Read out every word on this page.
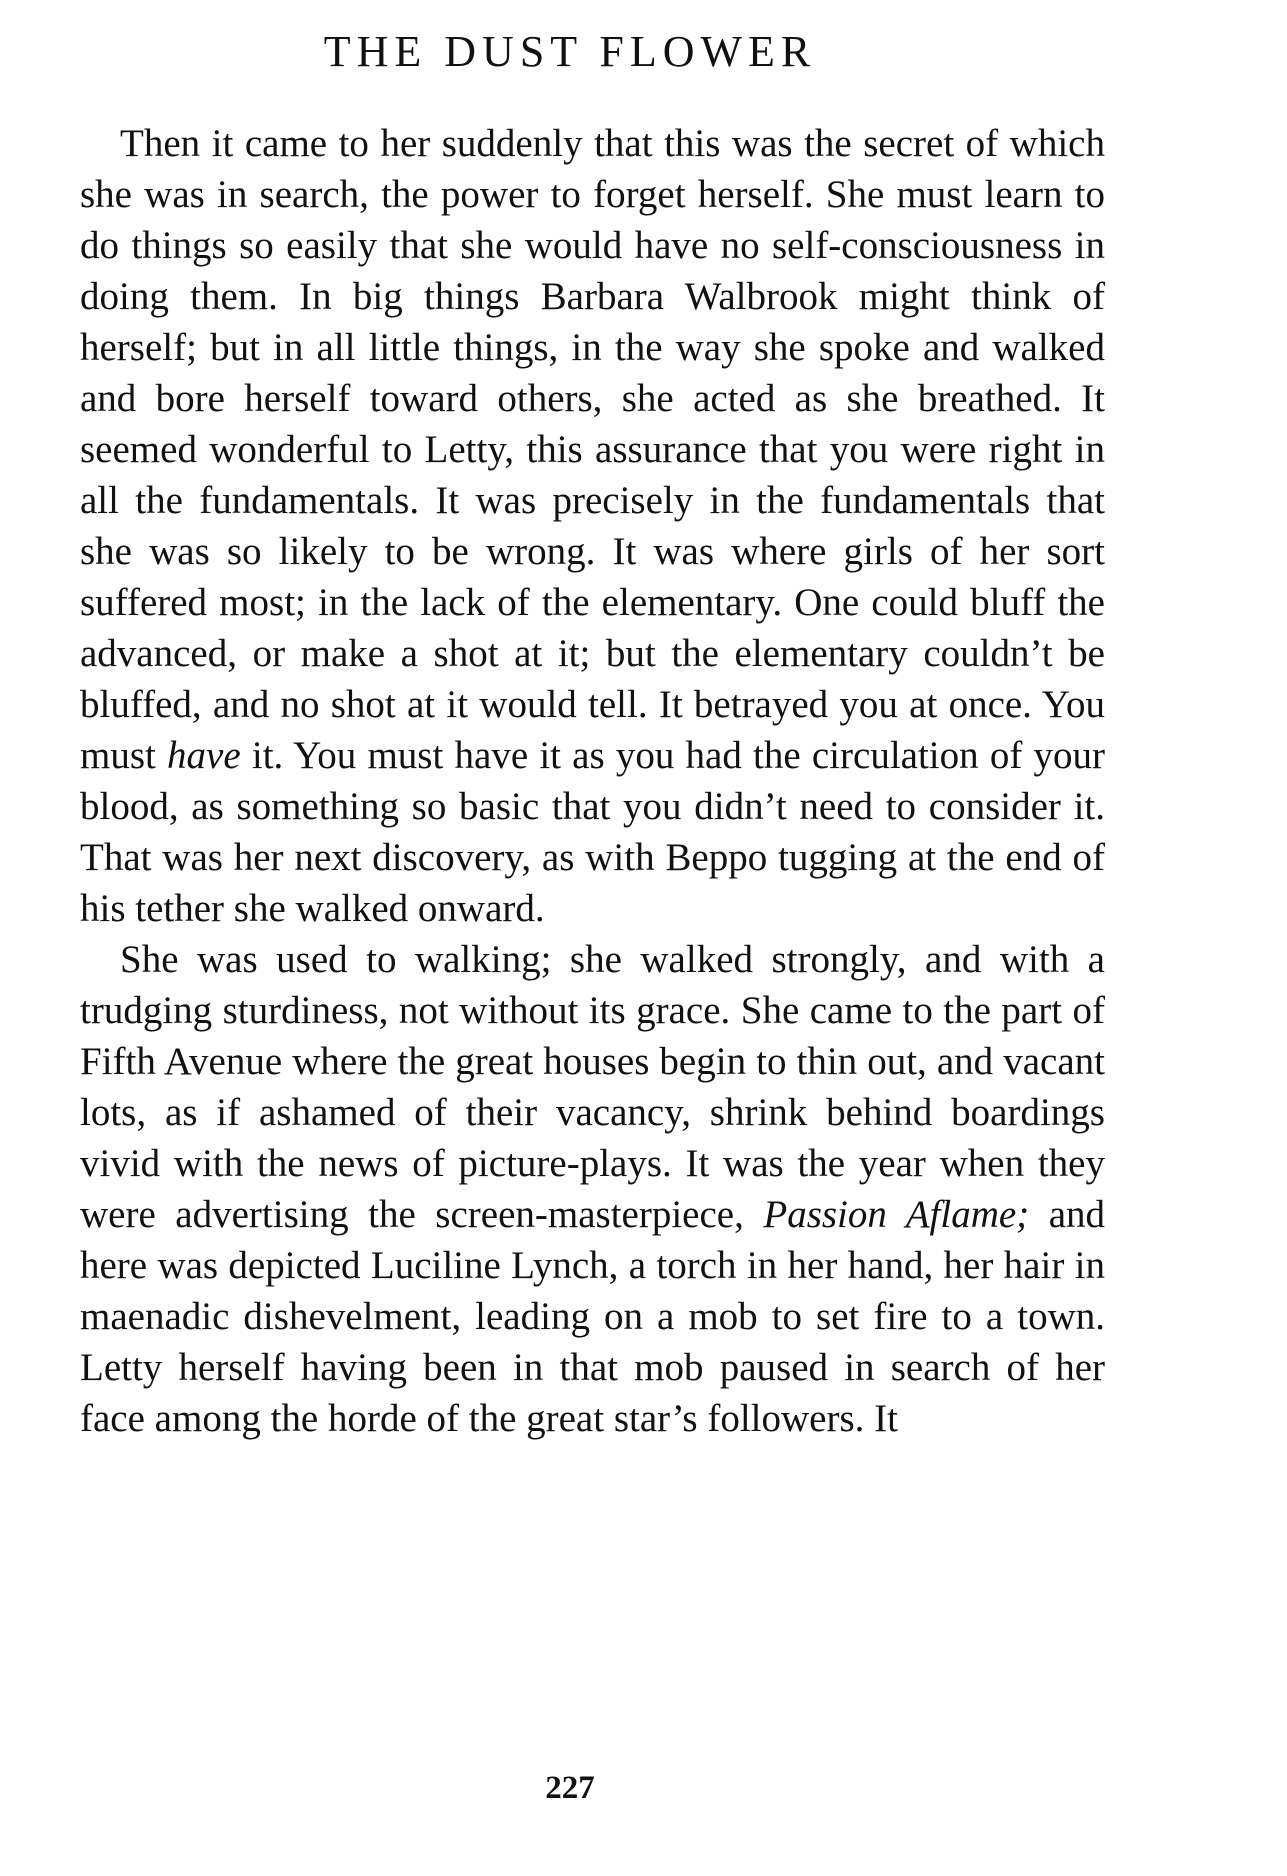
THE DUST FLOWER

Then it came to her suddenly that this was the secret of which she was in search, the power to forget herself. She must learn to do things so easily that she would have no self-consciousness in doing them. In big things Barbara Walbrook might think of herself; but in all little things, in the way she spoke and walked and bore herself toward others, she acted as she breathed. It seemed wonderful to Letty, this assurance that you were right in all the fundamentals. It was precisely in the fundamentals that she was so likely to be wrong. It was where girls of her sort suffered most; in the lack of the elementary. One could bluff the advanced, or make a shot at it; but the elementary couldn’t be bluffed, and no shot at it would tell. It betrayed you at once. You must have it. You must have it as you had the circulation of your blood, as something so basic that you didn’t need to consider it. That was her next discovery, as with Beppo tugging at the end of his tether she walked onward.

She was used to walking; she walked strongly, and with a trudging sturdiness, not without its grace. She came to the part of Fifth Avenue where the great houses begin to thin out, and vacant lots, as if ashamed of their vacancy, shrink behind boardings vivid with the news of picture-plays. It was the year when they were advertising the screen-masterpiece, Passion Aflame; and here was depicted Luciline Lynch, a torch in her hand, her hair in maenadic dishevelment, leading on a mob to set fire to a town. Letty herself having been in that mob paused in search of her face among the horde of the great star’s followers. It

227
